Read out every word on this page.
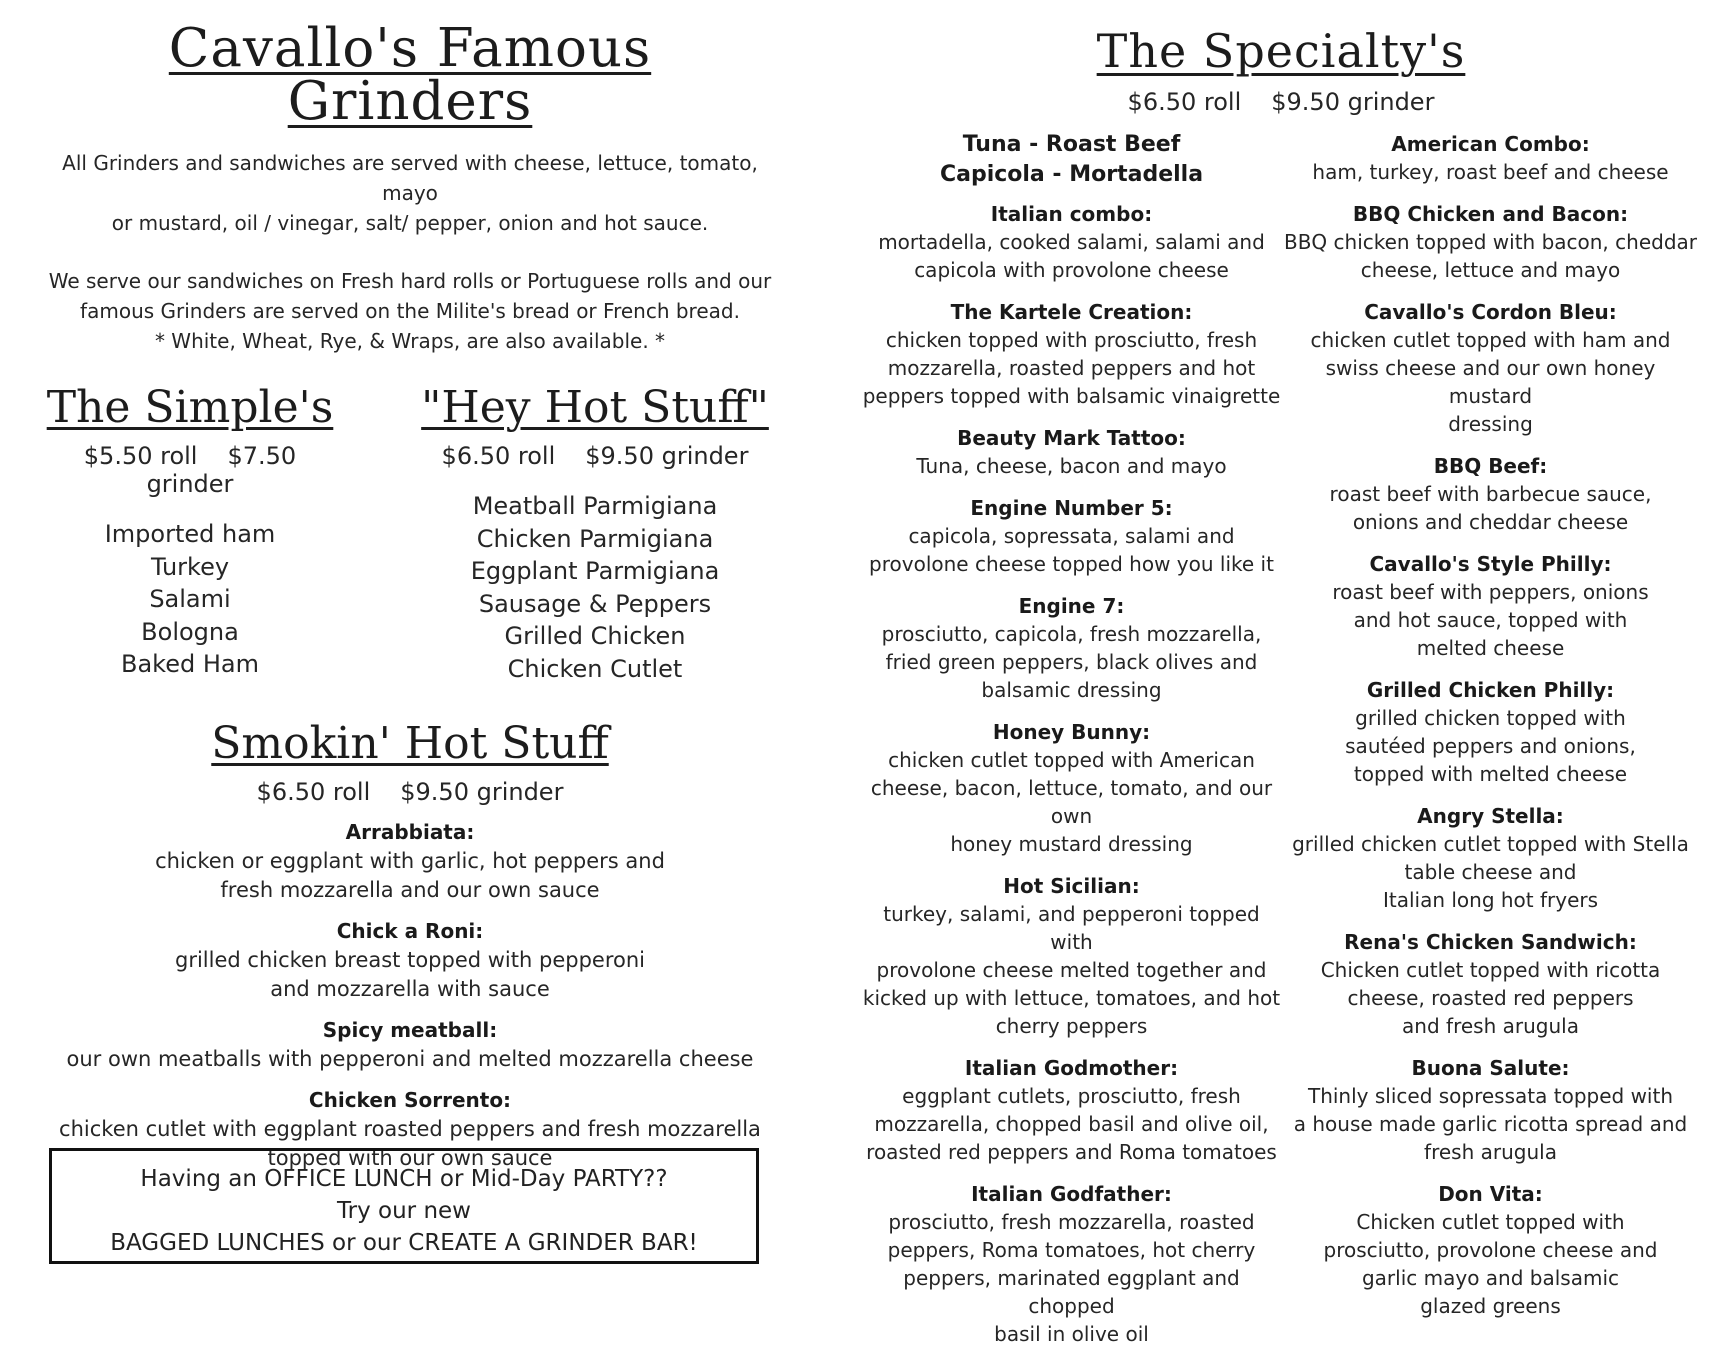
Cavallo's Famous Grinders
All Grinders and sandwiches are served with cheese, lettuce, tomato, mayo
or mustard, oil / vinegar, salt/ pepper, onion and hot sauce.
We serve our sandwiches on Fresh hard rolls or Portuguese rolls and our
famous Grinders are served on the Milite's bread or French bread.
* White, Wheat, Rye, & Wraps, are also available. *
The Simple's
$5.50 roll $7.50 grinder
Imported ham
Turkey
Salami
Bologna
Baked Ham
"Hey Hot Stuff"
$6.50 roll $9.50 grinder
Meatball Parmigiana
Chicken Parmigiana
Eggplant Parmigiana
Sausage & Peppers
Grilled Chicken
Chicken Cutlet
Smokin' Hot Stuff
$6.50 roll $9.50 grinder
Arrabbiata:
chicken or eggplant with garlic, hot peppers and
fresh mozzarella and our own sauce
Chick a Roni:
grilled chicken breast topped with pepperoni
and mozzarella with sauce
Spicy meatball:
our own meatballs with pepperoni and melted mozzarella cheese
Chicken Sorrento:
chicken cutlet with eggplant roasted peppers and fresh mozzarella
topped with our own sauce
Having an OFFICE LUNCH or Mid-Day PARTY??
Try our new
BAGGED LUNCHES or our CREATE A GRINDER BAR!
The Specialty's
$6.50 roll $9.50 grinder
Tuna - Roast Beef
Capicola - Mortadella
Italian combo:
mortadella, cooked salami, salami and
capicola with provolone cheese
The Kartele Creation:
chicken topped with prosciutto, fresh
mozzarella, roasted peppers and hot
peppers topped with balsamic vinaigrette
Beauty Mark Tattoo:
Tuna, cheese, bacon and mayo
Engine Number 5:
capicola, sopressata, salami and
provolone cheese topped how you like it
Engine 7:
prosciutto, capicola, fresh mozzarella,
fried green peppers, black olives and
balsamic dressing
Honey Bunny:
chicken cutlet topped with American
cheese, bacon, lettuce, tomato, and our own
honey mustard dressing
Hot Sicilian:
turkey, salami, and pepperoni topped with
provolone cheese melted together and
kicked up with lettuce, tomatoes, and hot
cherry peppers
Italian Godmother:
eggplant cutlets, prosciutto, fresh
mozzarella, chopped basil and olive oil,
roasted red peppers and Roma tomatoes
Italian Godfather:
prosciutto, fresh mozzarella, roasted
peppers, Roma tomatoes, hot cherry
peppers, marinated eggplant and chopped
basil in olive oil
American Combo:
ham, turkey, roast beef and cheese
BBQ Chicken and Bacon:
BBQ chicken topped with bacon, cheddar
cheese, lettuce and mayo
Cavallo's Cordon Bleu:
chicken cutlet topped with ham and
swiss cheese and our own honey mustard
dressing
BBQ Beef:
roast beef with barbecue sauce,
onions and cheddar cheese
Cavallo's Style Philly:
roast beef with peppers, onions
and hot sauce, topped with
melted cheese
Grilled Chicken Philly:
grilled chicken topped with
sautéed peppers and onions,
topped with melted cheese
Angry Stella:
grilled chicken cutlet topped with Stella
table cheese and
Italian long hot fryers
Rena's Chicken Sandwich:
Chicken cutlet topped with ricotta
cheese, roasted red peppers
and fresh arugula
Buona Salute:
Thinly sliced sopressata topped with
a house made garlic ricotta spread and
fresh arugula
Don Vita:
Chicken cutlet topped with
prosciutto, provolone cheese and
garlic mayo and balsamic
glazed greens
